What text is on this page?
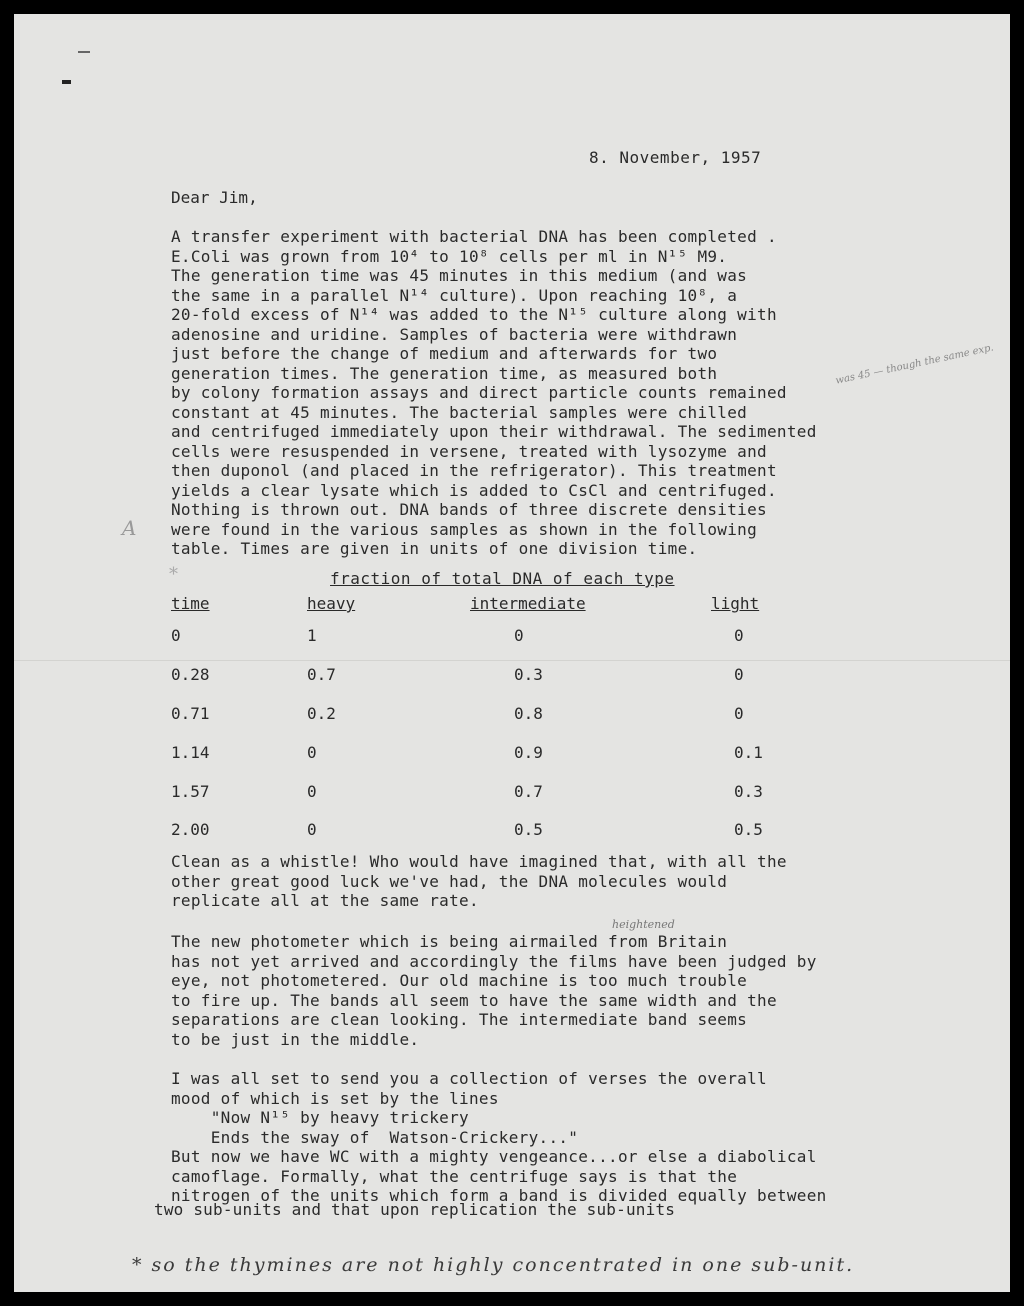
8. November, 1957
Dear Jim,
A transfer experiment with bacterial DNA has been completed .
E.Coli was grown from 10⁴ to 10⁸ cells per ml in N¹⁵ M9.
The generation time was 45 minutes in this medium (and was
the same in a parallel N¹⁴ culture). Upon reaching 10⁸, a
20-fold excess of N¹⁴ was added to the N¹⁵ culture along with
adenosine and uridine. Samples of bacteria were withdrawn
just before the change of medium and afterwards for two
generation times. The generation time, as measured both
by colony formation assays and direct particle counts remained
constant at 45 minutes. The bacterial samples were chilled
and centrifuged immediately upon their withdrawal. The sedimented
cells were resuspended in versene, treated with lysozyme and
then duponol (and placed in the refrigerator). This treatment
yields a clear lysate which is added to CsCl and centrifuged.
Nothing is thrown out. DNA bands of three discrete densities
were found in the various samples as shown in the following
table. Times are given in units of one division time.
was 45 — though the same exp.
A
*	fraction of total DNA of each type
time	heavy	intermediate	light
0	1	0	0
0.28	0.7	0.3	0
0.71	0.2	0.8	0
1.14	0	0.9	0.1
1.57	0	0.7	0.3
2.00	0	0.5	0.5
Clean as a whistle! Who would have imagined that, with all the
other great good luck we've had, the DNA molecules would
replicate all at the same rate.
heightened
The new photometer which is being airmailed from Britain
has not yet arrived and accordingly the films have been judged by
eye, not photometered. Our old machine is too much trouble
to fire up. The bands all seem to have the same width and the
separations are clean looking. The intermediate band seems
to be just in the middle.
I was all set to send you a collection of verses the overall
mood of which is set by the lines
"Now N¹⁵ by heavy trickery
Ends the sway of  Watson-Crickery..."
But now we have WC with a mighty vengeance...or else a diabolical
camoflage. Formally, what the centrifuge says is that the
nitrogen of the units which form a band is divided equally between
two sub-units and that upon replication the sub-units
* so the thymines are not highly concentrated in one sub-unit.
